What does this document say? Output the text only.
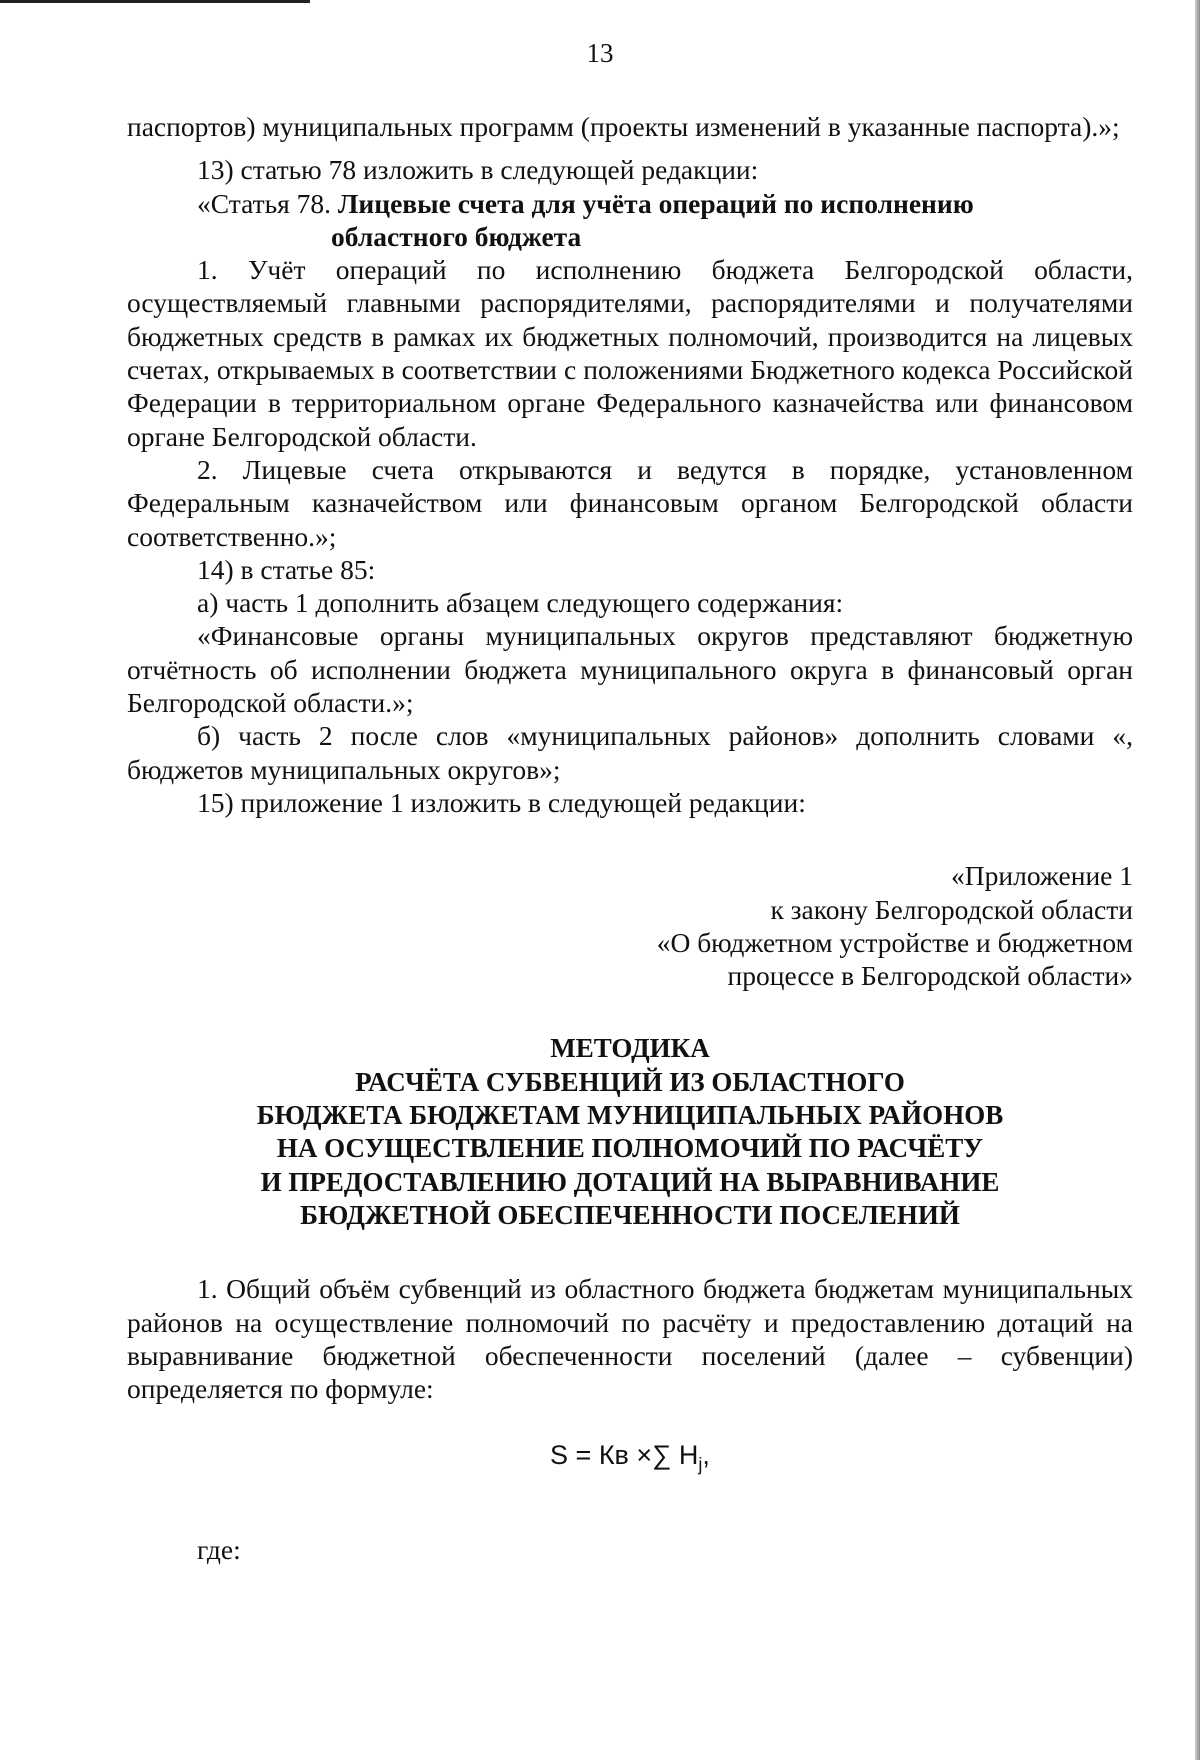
13

паспортов) муниципальных программ (проекты изменений в указанные паспорта).»;

13) статью 78 изложить в следующей редакции:

«Статья 78. Лицевые счета для учёта операций по исполнению
областного бюджета

1. Учёт операций по исполнению бюджета Белгородской области, осуществляемый главными распорядителями, распорядителями и получателями бюджетных средств в рамках их бюджетных полномочий, производится на лицевых счетах, открываемых в соответствии с положениями Бюджетного кодекса Российской Федерации в территориальном органе Федерального казначейства или финансовом органе Белгородской области.

2. Лицевые счета открываются и ведутся в порядке, установленном Федеральным казначейством или финансовым органом Белгородской области соответственно.»;

14) в статье 85:

а) часть 1 дополнить абзацем следующего содержания:

«Финансовые органы муниципальных округов представляют бюджетную отчётность об исполнении бюджета муниципального округа в финансовый орган Белгородской области.»;

б) часть 2 после слов «муниципальных районов» дополнить словами «, бюджетов муниципальных округов»;

15) приложение 1 изложить в следующей редакции:

«Приложение 1
к закону Белгородской области
«О бюджетном устройстве и бюджетном
процессе в Белгородской области»
МЕТОДИКА
РАСЧЁТА СУБВЕНЦИЙ ИЗ ОБЛАСТНОГО
БЮДЖЕТА БЮДЖЕТАМ МУНИЦИПАЛЬНЫХ РАЙОНОВ
НА ОСУЩЕСТВЛЕНИЕ ПОЛНОМОЧИЙ ПО РАСЧЁТУ
И ПРЕДОСТАВЛЕНИЮ ДОТАЦИЙ НА ВЫРАВНИВАНИЕ
БЮДЖЕТНОЙ ОБЕСПЕЧЕННОСТИ ПОСЕЛЕНИЙ

1. Общий объём субвенций из областного бюджета бюджетам муниципальных районов на осуществление полномочий по расчёту и предоставлению дотаций на выравнивание бюджетной обеспеченности поселений (далее – субвенции) определяется по формуле:

S = Кв ×∑ $H_j$,
где:
